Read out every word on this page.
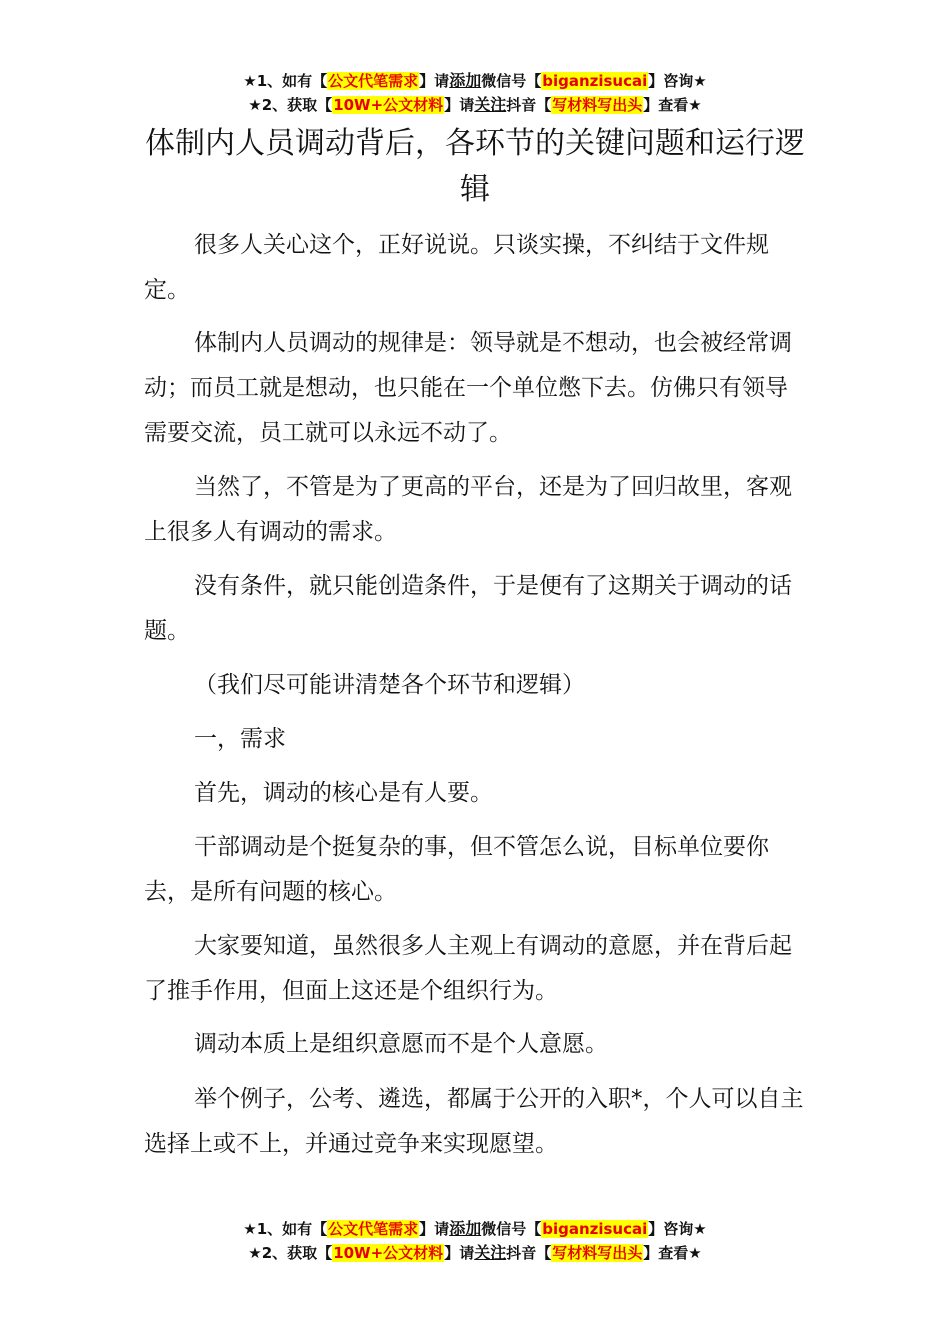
★1、如有【公文代笔需求】请添加微信号【biganzisucai】咨询★
★2、获取【10W+公文材料】请关注抖音【写材料写出头】查看★
体制内人员调动背后，各环节的关键问题和运行逻辑
很多人关心这个，正好说说。只谈实操，不纠结于文件规定。
体制内人员调动的规律是：领导就是不想动，也会被经常调动；而员工就是想动，也只能在一个单位憋下去。仿佛只有领导需要交流，员工就可以永远不动了。
当然了，不管是为了更高的平台，还是为了回归故里，客观上很多人有调动的需求。
没有条件，就只能创造条件，于是便有了这期关于调动的话题。
（我们尽可能讲清楚各个环节和逻辑）
一，需求
首先，调动的核心是有人要。
干部调动是个挺复杂的事，但不管怎么说，目标单位要你去，是所有问题的核心。
大家要知道，虽然很多人主观上有调动的意愿，并在背后起了推手作用，但面上这还是个组织行为。
调动本质上是组织意愿而不是个人意愿。
举个例子，公考、遴选，都属于公开的入职*，个人可以自主选择上或不上，并通过竞争来实现愿望。
★1、如有【公文代笔需求】请添加微信号【biganzisucai】咨询★
★2、获取【10W+公文材料】请关注抖音【写材料写出头】查看★
